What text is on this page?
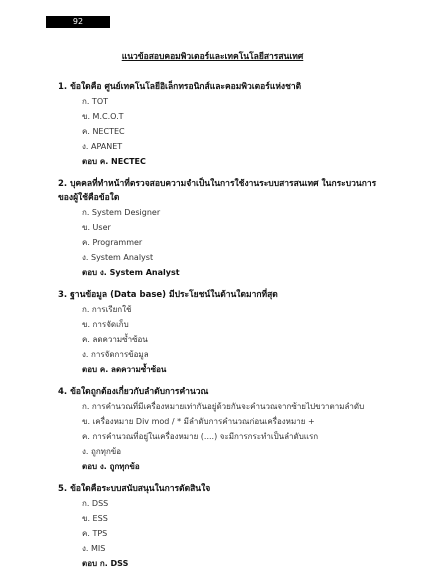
92
แนวข้อสอบคอมพิวเตอร์และเทคโนโลยีสารสนเทศ
1. ข้อใดคือ ศูนย์เทคโนโลยีอิเล็กทรอนิกส์และคอมพิวเตอร์แห่งชาติ
ก. TOT
ข. M.C.O.T
ค. NECTEC
ง. APANET
ตอบ ค. NECTEC
2. บุคคลที่ทำหน้าที่ตรวจสอบความจำเป็นในการใช้งานระบบสารสนเทศ ในกระบวนการของผู้ใช้คือข้อใด
ก. System Designer
ข. User
ค. Programmer
ง. System Analyst
ตอบ ง. System Analyst
3. ฐานข้อมูล (Data base) มีประโยชน์ในด้านใดมากที่สุด
ก. การเรียกใช้
ข. การจัดเก็บ
ค. ลดความซ้ำซ้อน
ง. การจัดการข้อมูล
ตอบ ค. ลดความซ้ำซ้อน
4. ข้อใดถูกต้องเกี่ยวกับลำดับการคำนวณ
ก. การคำนวณที่มีเครื่องหมายเท่ากันอยู่ด้วยกันจะคำนวณจากซ้ายไปขวาตามลำดับ
ข. เครื่องหมาย Div mod / * มีลำดับการคำนวณก่อนเครื่องหมาย +
ค. การคำนวณที่อยู่ในเครื่องหมาย (....) จะมีการกระทำเป็นลำดับแรก
ง. ถูกทุกข้อ
ตอบ ง. ถูกทุกข้อ
5. ข้อใดคือระบบสนับสนุนในการตัดสินใจ
ก. DSS
ข. ESS
ค. TPS
ง. MIS
ตอบ ก. DSS
